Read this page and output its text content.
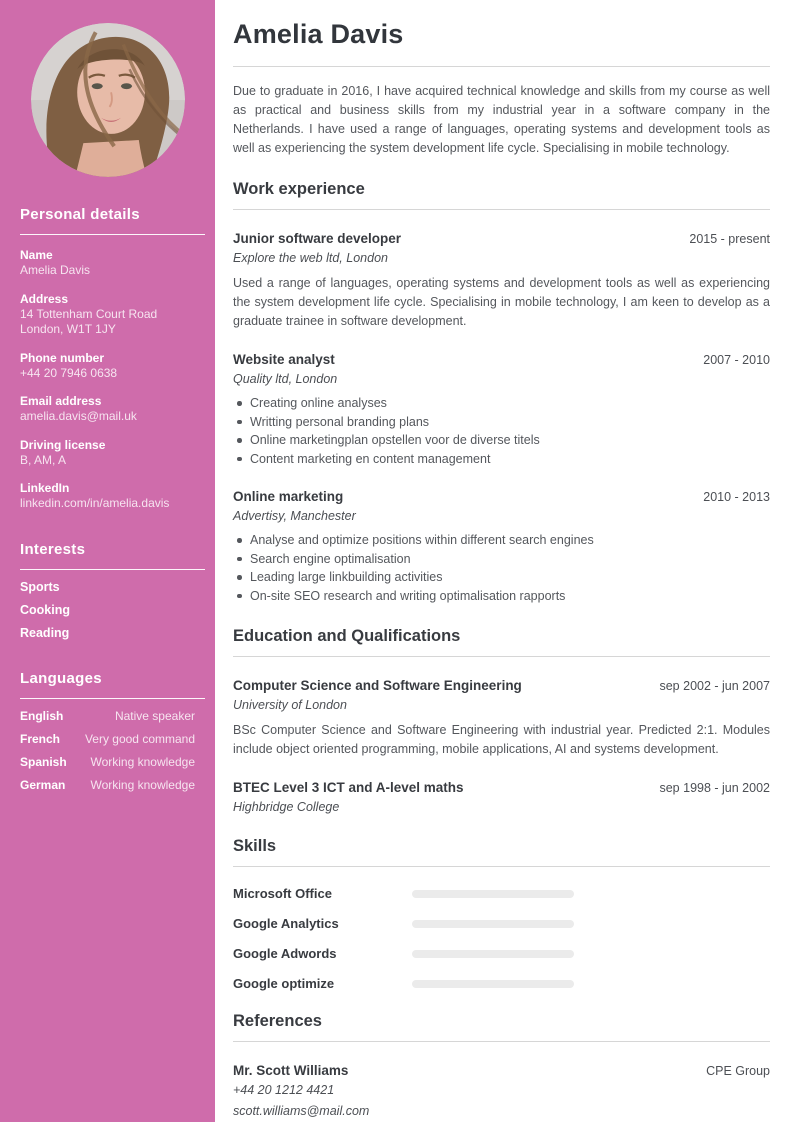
Personal details
Name
Amelia Davis
Address
14 Tottenham Court Road
London, W1T 1JY
Phone number
+44 20 7946 0638
Email address
amelia.davis@mail.uk
Driving license
B, AM, A
LinkedIn
linkedin.com/in/amelia.davis
Interests
Sports
Cooking
Reading
Languages
English	Native speaker
French Very good command
Spanish Working knowledge
German Working knowledge
Amelia Davis

Due to graduate in 2016, I have acquired technical knowledge and skills from my course as well as practical and business skills from my industrial year in a software company in the Netherlands. I have used a range of languages, operating systems and development tools as well as experiencing the system development life cycle. Specialising in mobile technology.

Work experience
Junior software developer	2015 - present
Explore the web ltd, London

Used a range of languages, operating systems and development tools as well as experiencing the system development life cycle. Specialising in mobile technology, I am keen to develop as a graduate trainee in software development.

Website analyst	2007 - 2010
Quality ltd, London
Creating online analyses
Writting personal branding plans
Online marketingplan opstellen voor de diverse titels
Content marketing en content management
Online marketing	2010 - 2013
Advertisy, Manchester
Analyse and optimize positions within different search engines
Search engine optimalisation
Leading large linkbuilding activities
On-site SEO research and writing optimalisation rapports
Education and Qualifications
Computer Science and Software Engineering	sep 2002 - jun 2007
University of London

BSc Computer Science and Software Engineering with industrial year. Predicted 2:1. Modules include object oriented programming, mobile applications, AI and systems development.

BTEC Level 3 ICT and A-level maths	sep 1998 - jun 2002
Highbridge College
Skills
Microsoft Office
Google Analytics
Google Adwords
Google optimize
References
Mr. Scott Williams	CPE Group
+44 20 1212 4421
scott.williams@mail.com
